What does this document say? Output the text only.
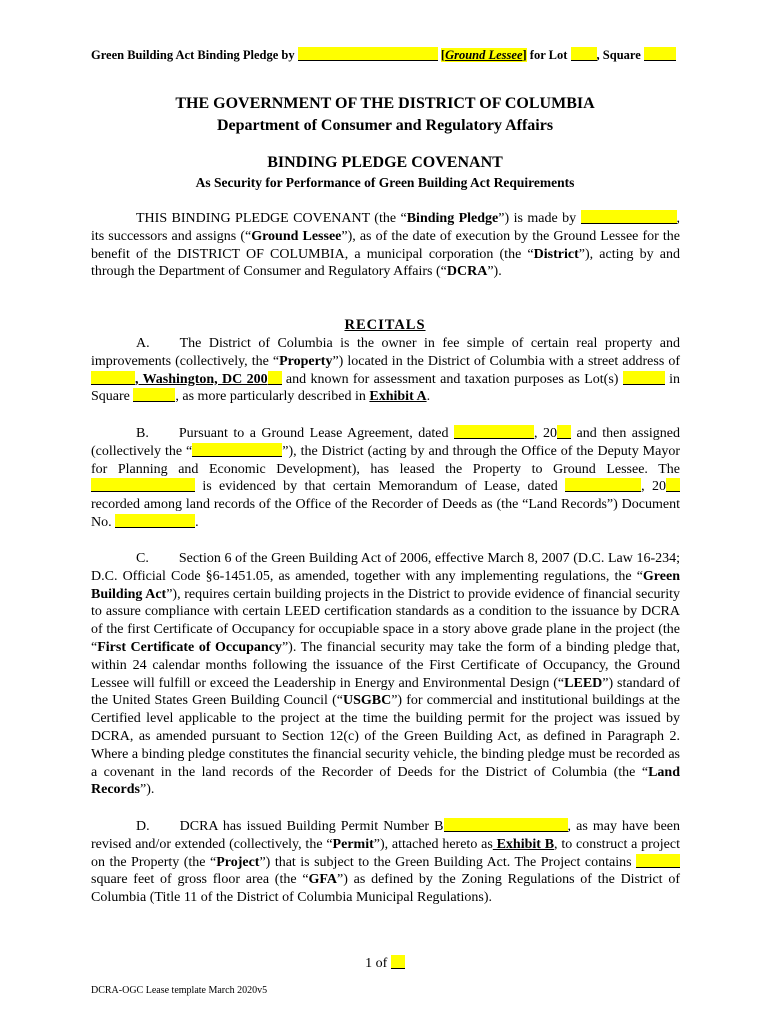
Green Building Act Binding Pledge by	[Ground Lessee] for Lot , Square
THE GOVERNMENT OF THE DISTRICT OF COLUMBIA
Department of Consumer and Regulatory Affairs
BINDING PLEDGE COVENANT
As Security for Performance of Green Building Act Requirements
THIS BINDING PLEDGE COVENANT (the “Binding Pledge”) is made by	, its successors and assigns (“Ground Lessee”), as of the date of execution by the Ground Lessee for the benefit of the DISTRICT OF COLUMBIA, a municipal corporation (the “District”), acting by and through the Department of Consumer and Regulatory Affairs (“DCRA”).
RECITALS
A. The District of Columbia is the owner in fee simple of certain real property and improvements (collectively, the “Property”) located in the District of Columbia with a street address of , Washington, DC 200 and known for assessment and taxation purposes as Lot(s)	in Square	, as more particularly described in Exhibit A.
B. Pursuant to a Ground Lease Agreement, dated	, 20 and then assigned (collectively the “	”), the District (acting by and through the Office of the Deputy Mayor for Planning and Economic Development), has leased the Property to Ground Lessee. The  is evidenced by that certain Memorandum of Lease, dated	, 20 recorded among land records of the Office of the Recorder of Deeds as (the “Land Records”) Document No.	.
C. Section 6 of the Green Building Act of 2006, effective March 8, 2007 (D.C. Law 16-234; D.C. Official Code §6-1451.05, as amended, together with any implementing regulations, the “Green Building Act”), requires certain building projects in the District to provide evidence of financial security to assure compliance with certain LEED certification standards as a condition to the issuance by DCRA of the first Certificate of Occupancy for occupiable space in a story above grade plane in the project (the “First Certificate of Occupancy”). The financial security may take the form of a binding pledge that, within 24 calendar months following the issuance of the First Certificate of Occupancy, the Ground Lessee will fulfill or exceed the Leadership in Energy and Environmental Design (“LEED”) standard of the United States Green Building Council (“USGBC”) for commercial and institutional buildings at the Certified level applicable to the project at the time the building permit for the project was issued by DCRA, as amended pursuant to Section 12(c) of the Green Building Act, as defined in Paragraph 2. Where a binding pledge constitutes the financial security vehicle, the binding pledge must be recorded as a covenant in the land records of the Recorder of Deeds for the District of Columbia (the “Land Records”).
D. DCRA has issued Building Permit Number B	, as may have been revised and/or extended (collectively, the “Permit”), attached hereto as Exhibit B, to construct a project on the Property (the “Project”) that is subject to the Green Building Act. The Project contains  square feet of gross floor area (the “GFA”) as defined by the Zoning Regulations of the District of Columbia (Title 11 of the District of Columbia Municipal Regulations).
1 of
DCRA-OGC Lease template March 2020v5
